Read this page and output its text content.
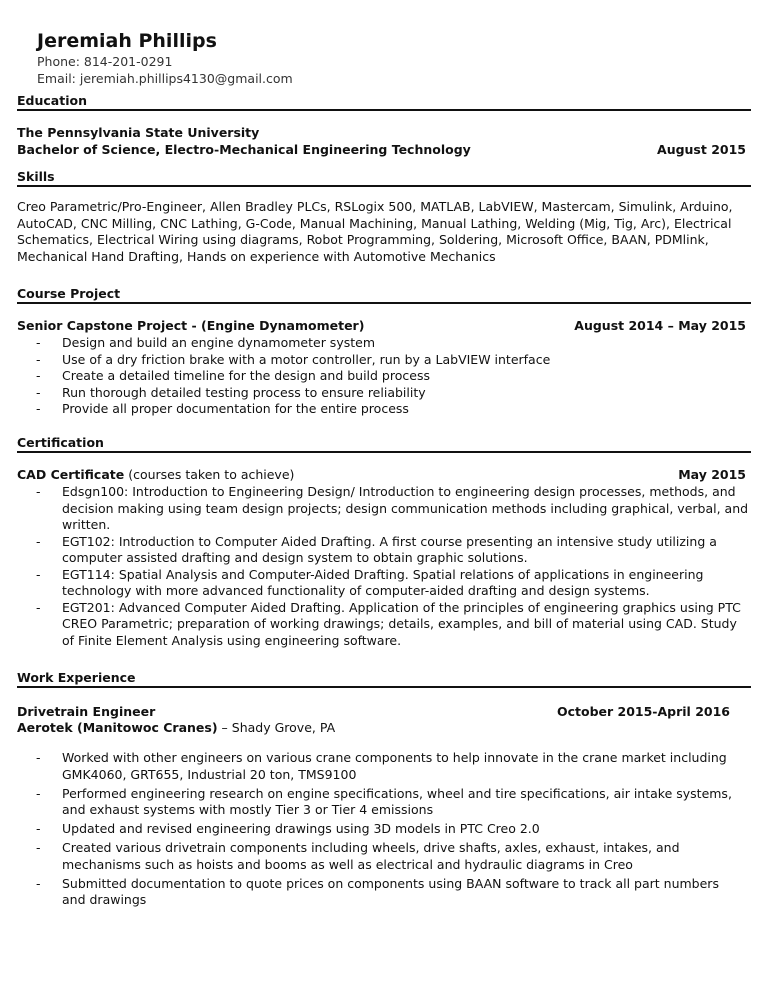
Jeremiah Phillips
Phone: 814-201-0291
Email: jeremiah.phillips4130@gmail.com
Education
The Pennsylvania State University
Bachelor of Science, Electro-Mechanical Engineering Technology	August 2015
Skills
Creo Parametric/Pro-Engineer, Allen Bradley PLCs, RSLogix 500, MATLAB, LabVIEW, Mastercam, Simulink, Arduino, AutoCAD, CNC Milling, CNC Lathing, G-Code, Manual Machining, Manual Lathing, Welding (Mig, Tig, Arc), Electrical Schematics, Electrical Wiring using diagrams, Robot Programming, Soldering, Microsoft Office, BAAN, PDMlink, Mechanical Hand Drafting, Hands on experience with Automotive Mechanics
Course Project
Senior Capstone Project - (Engine Dynamometer)	August 2014 – May 2015
- Design and build an engine dynamometer system
- Use of a dry friction brake with a motor controller, run by a LabVIEW interface
- Create a detailed timeline for the design and build process
- Run thorough detailed testing process to ensure reliability
- Provide all proper documentation for the entire process
Certification
CAD Certificate (courses taken to achieve)	May 2015
- Edsgn100: Introduction to Engineering Design/ Introduction to engineering design processes, methods, and decision making using team design projects; design communication methods including graphical, verbal, and written.
- EGT102: Introduction to Computer Aided Drafting. A first course presenting an intensive study utilizing a computer assisted drafting and design system to obtain graphic solutions.
- EGT114: Spatial Analysis and Computer-Aided Drafting. Spatial relations of applications in engineering technology with more advanced functionality of computer-aided drafting and design systems.
- EGT201: Advanced Computer Aided Drafting. Application of the principles of engineering graphics using PTC CREO Parametric; preparation of working drawings; details, examples, and bill of material using CAD. Study of Finite Element Analysis using engineering software.
Work Experience
Drivetrain Engineer	October 2015-April 2016
Aerotek (Manitowoc Cranes) – Shady Grove, PA
- Worked with other engineers on various crane components to help innovate in the crane market including GMK4060, GRT655, Industrial 20 ton, TMS9100
- Performed engineering research on engine specifications, wheel and tire specifications, air intake systems, and exhaust systems with mostly Tier 3 or Tier 4 emissions
- Updated and revised engineering drawings using 3D models in PTC Creo 2.0
- Created various drivetrain components including wheels, drive shafts, axles, exhaust, intakes, and mechanisms such as hoists and booms as well as electrical and hydraulic diagrams in Creo
- Submitted documentation to quote prices on components using BAAN software to track all part numbers and drawings
